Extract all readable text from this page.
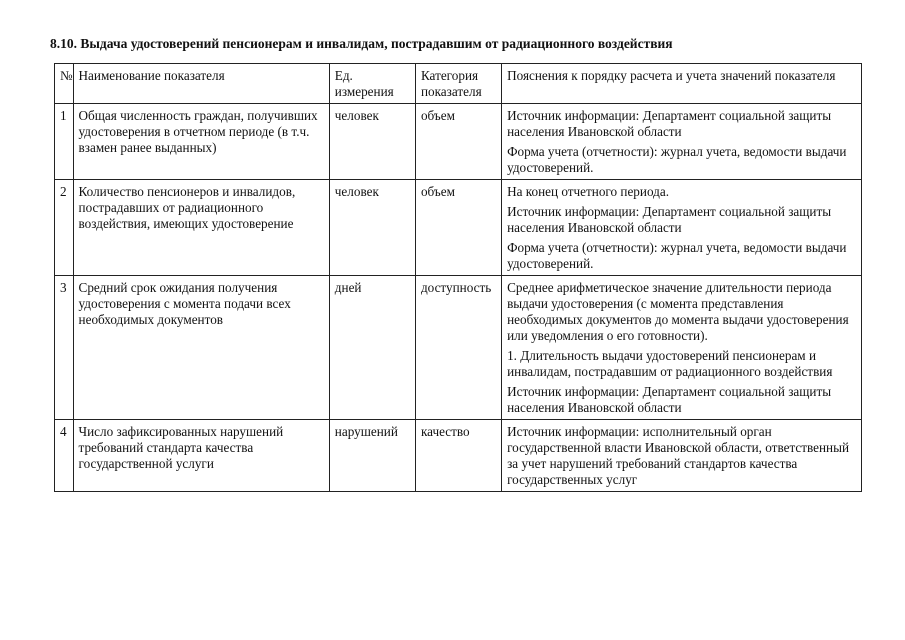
8.10. Выдача удостоверений пенсионерам и инвалидам, пострадавшим от радиационного воздействия
№	Наименование показателя	Ед. измерения	Категория показателя	Пояснения к порядку расчета и учета значений показателя
1	Общая численность граждан, получивших удостоверения в отчетном периоде (в т.ч. взамен ранее выданных)	человек	объем	Источник информации: Департамент социальной защиты населения Ивановской области
Форма учета (отчетности): журнал учета, ведомости выдачи удостоверений.

2	Количество пенсионеров и инвалидов, пострадавших от радиационного воздействия, имеющих удостоверение	человек	объем	На конец отчетного периода.
Источник информации: Департамент социальной защиты населения Ивановской области
Форма учета (отчетности): журнал учета, ведомости выдачи удостоверений.

3	Средний срок ожидания получения удостоверения с момента подачи всех необходимых документов	дней	доступность	Среднее арифметическое значение длительности периода выдачи удостоверения (с момента представления необходимых документов до момента выдачи удостоверения или уведомления о его готовности).
1. Длительность выдачи удостоверений пенсионерам и инвалидам, пострадавшим от радиационного воздействия
Источник информации: Департамент социальной защиты населения Ивановской области

4	Число зафиксированных нарушений требований стандарта качества государственной услуги	нарушений	качество	Источник информации: исполнительный орган государственной власти Ивановской области, ответственный за учет нарушений требований стандартов качества государственных услуг
